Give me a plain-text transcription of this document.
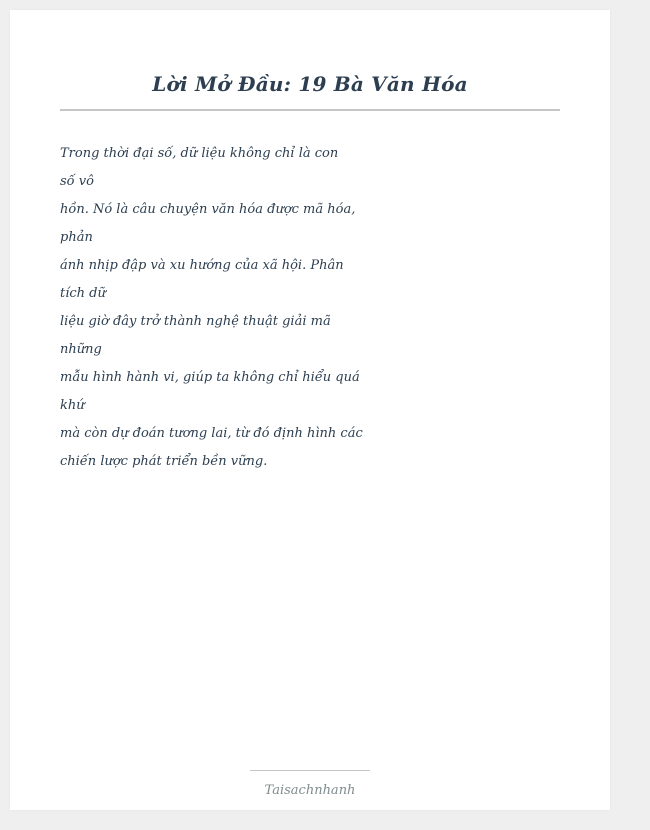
Lời Mở Đầu: 19 Bà Văn Hóa
Trong thời đại số, dữ liệu không chỉ là con
số vô
hồn. Nó là câu chuyện văn hóa được mã hóa,
phản
ánh nhịp đập và xu hướng của xã hội. Phân
tích dữ
liệu giờ đây trở thành nghệ thuật giải mã
những
mẫu hình hành vi, giúp ta không chỉ hiểu quá
khứ
mà còn dự đoán tương lai, từ đó định hình các
chiến lược phát triển bền vững.
Taisachnhanh
